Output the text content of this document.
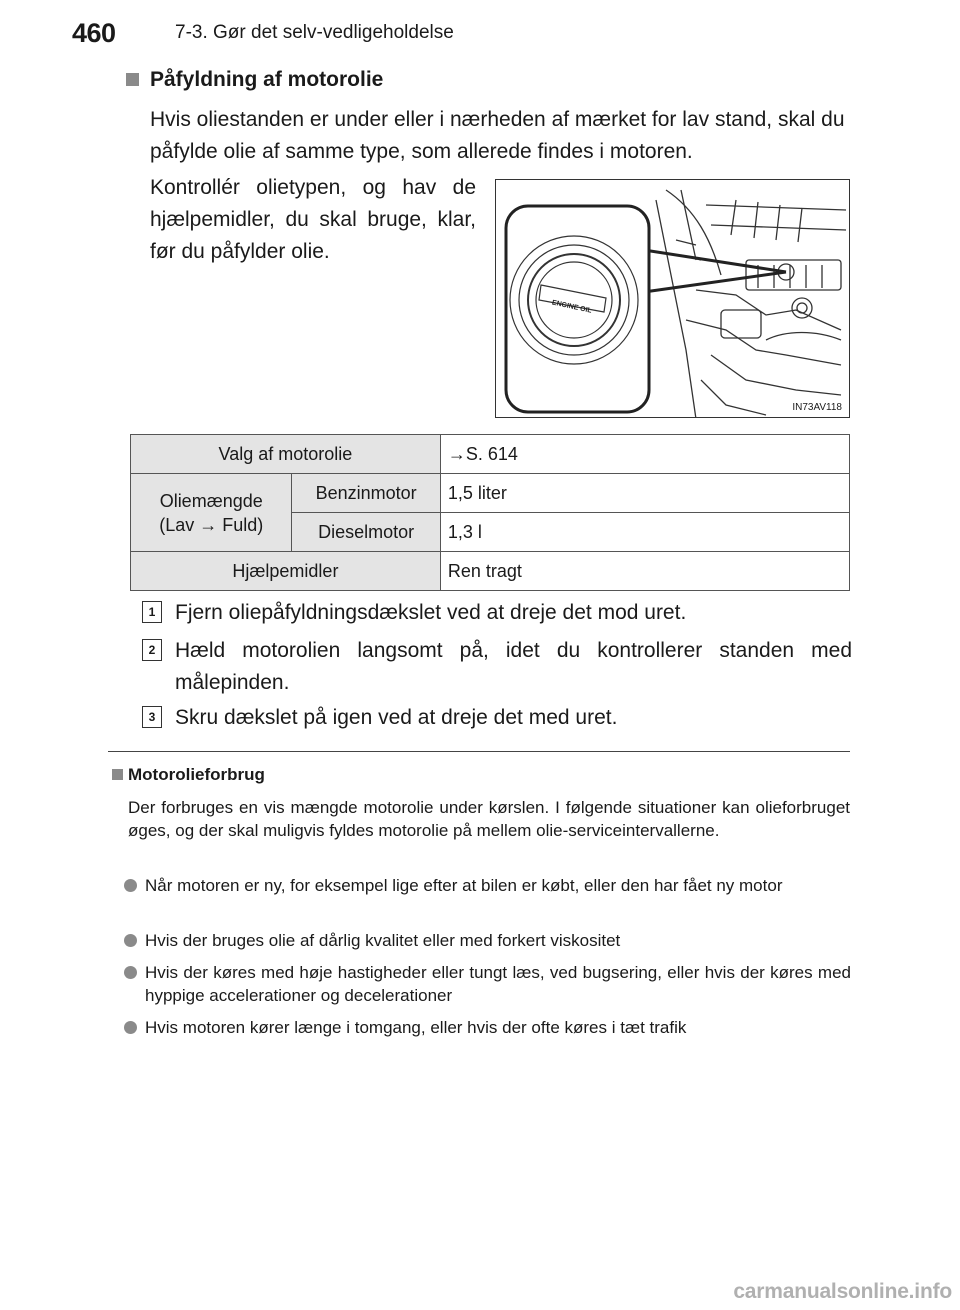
460	7-3. Gør det selv-vedligeholdelse
Påfyldning af motorolie
Hvis oliestanden er under eller i nærheden af mærket for lav stand, skal du påfylde olie af samme type, som allerede findes i motoren.
Kontrollér olietypen, og hav de hjælpemidler, du skal bruge, klar, før du påfylder olie.
ENGINE OIL
IN73AV118
Valg af motorolie		→S. 614

Oliemængde
(Lav → Fuld)	Benzinmotor	1,5 liter
	Dieselmotor	1,3 l
Hjælpemidler		Ren tragt
1 Fjern oliepåfyldningsdækslet ved at dreje det mod uret.
2 Hæld motorolien langsomt på, idet du kontrollerer standen med målepinden.
3 Skru dækslet på igen ved at dreje det med uret.
Motorolieforbrug
Der forbruges en vis mængde motorolie under kørslen. I følgende situationer kan olieforbruget øges, og der skal muligvis fyldes motorolie på mellem olie-serviceintervallerne.
Når motoren er ny, for eksempel lige efter at bilen er købt, eller den har fået ny motor
Hvis der bruges olie af dårlig kvalitet eller med forkert viskositet
Hvis der køres med høje hastigheder eller tungt læs, ved bugsering, eller hvis der køres med hyppige accelerationer og decelerationer
Hvis motoren kører længe i tomgang, eller hvis der ofte køres i tæt trafik
carmanualsonline.info
